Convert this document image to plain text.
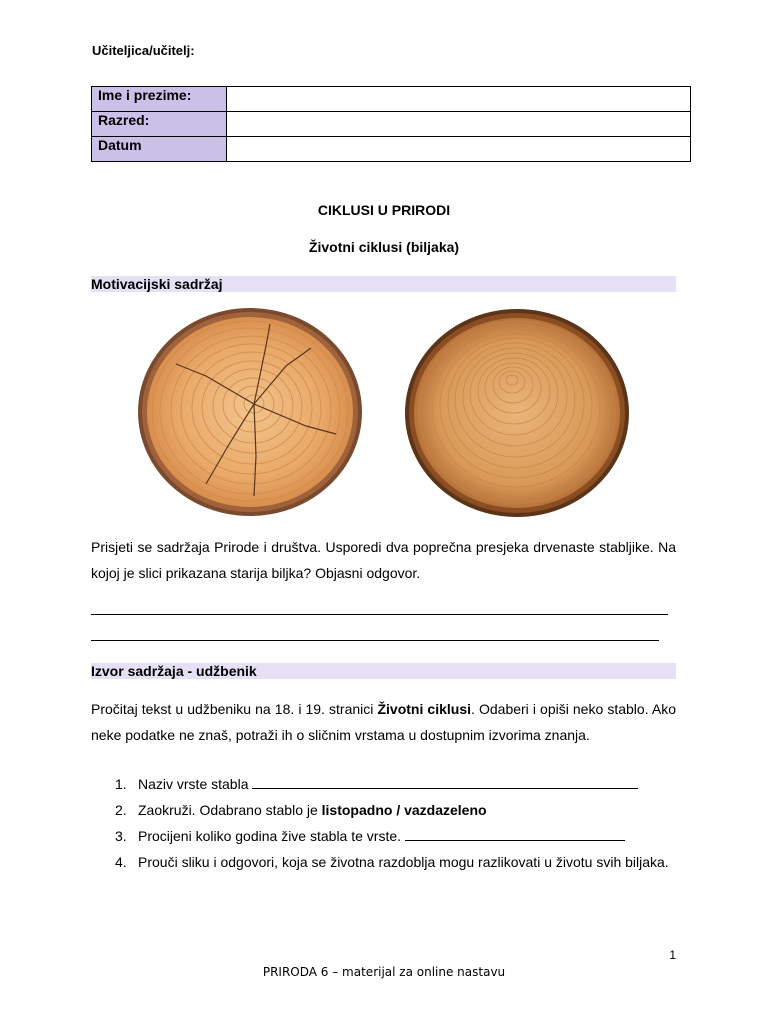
Učiteljica/učitelj:
Ime i prezime:	
Razred:	
Datum	
CIKLUSI U PRIRODI
Životni ciklusi (biljaka)
Motivacijski sadržaj
Prisjeti se sadržaja Prirode i društva. Usporedi dva poprečna presjeka drvenaste stabljike. Na kojoj je slici prikazana starija biljka? Objasni odgovor.
Izvor sadržaja - udžbenik
Pročitaj tekst u udžbeniku na 18. i 19. stranici Životni ciklusi. Odaberi i opiši neko stablo. Ako neke podatke ne znaš, potraži ih o sličnim vrstama u dostupnim izvorima znanja.
1. Naziv vrste stabla
2. Zaokruži. Odabrano stablo je listopadno / vazdazeleno
3. Procijeni koliko godina žive stabla te vrste.
4. Prouči sliku i odgovori, koja se životna razdoblja mogu razlikovati u životu svih biljaka.
1
PRIRODA 6 – materijal za online nastavu
